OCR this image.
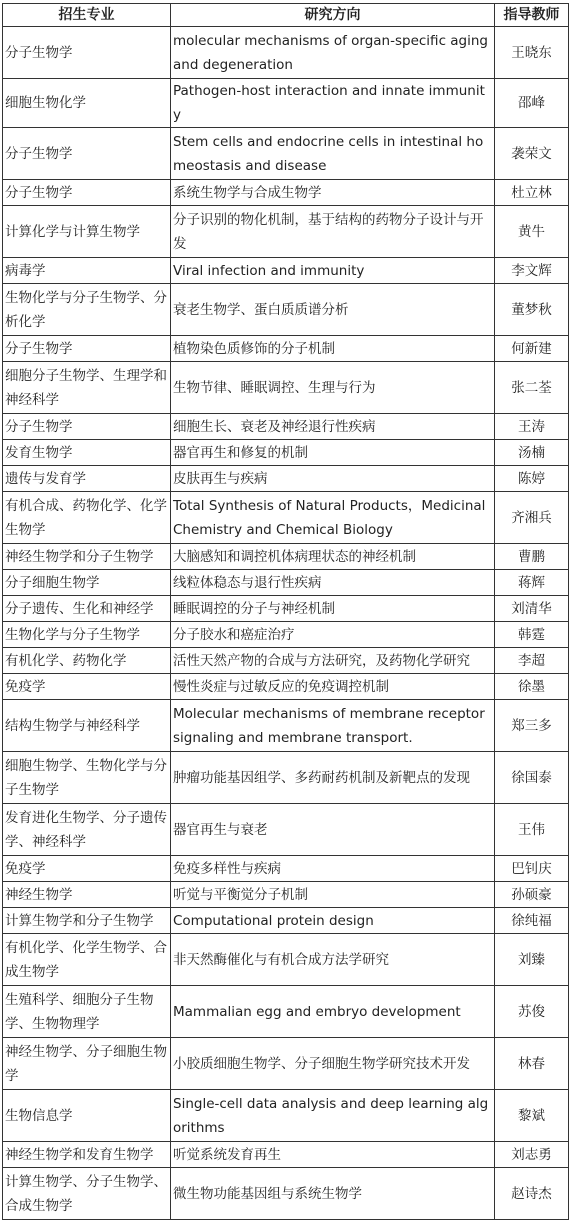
招生专业	研究方向	指导教师
分子生物学	molecular mechanisms of organ-specific aging and degeneration	王晓东
细胞生物化学	Pathogen-host interaction and innate immunity	邵峰
分子生物学	Stem cells and endocrine cells in intestinal homeostasis and disease	袭荣文
分子生物学	系统生物学与合成生物学	杜立林
计算化学与计算生物学	分子识别的物化机制，基于结构的药物分子设计与开发	黄牛
病毒学	Viral infection and immunity	李文辉
生物化学与分子生物学、分析化学	衰老生物学、蛋白质质谱分析	董梦秋
分子生物学	植物染色质修饰的分子机制	何新建
细胞分子生物学、生理学和神经科学	生物节律、睡眠调控、生理与行为	张二荃
分子生物学	细胞生长、衰老及神经退行性疾病	王涛
发育生物学	器官再生和修复的机制	汤楠
遗传与发育学	皮肤再生与疾病	陈婷
有机合成、药物化学、化学生物学	Total Synthesis of Natural Products，Medicinal Chemistry and Chemical Biology	齐湘兵
神经生物学和分子生物学	大脑感知和调控机体病理状态的神经机制	曹鹏
分子细胞生物学	线粒体稳态与退行性疾病	蒋辉
分子遗传、生化和神经学	睡眠调控的分子与神经机制	刘清华
生物化学与分子生物学	分子胶水和癌症治疗	韩霆
有机化学、药物化学	活性天然产物的合成与方法研究，及药物化学研究	李超
免疫学	慢性炎症与过敏反应的免疫调控机制	徐墨
结构生物学与神经科学	Molecular mechanisms of membrane receptor signaling and membrane transport.	郑三多
细胞生物学、生物化学与分子生物学	肿瘤功能基因组学、多药耐药机制及新靶点的发现	徐国泰
发育进化生物学、分子遗传学、神经科学	器官再生与衰老	王伟
免疫学	免疫多样性与疾病	巴钊庆
神经生物学	听觉与平衡觉分子机制	孙硕豪
计算生物学和分子生物学	Computational protein design	徐纯福
有机化学、化学生物学、合成生物学	非天然酶催化与有机合成方法学研究	刘臻
生殖科学、细胞分子生物学、生物物理学	Mammalian egg and embryo development	苏俊
神经生物学、分子细胞生物学	小胶质细胞生物学、分子细胞生物学研究技术开发	林春
生物信息学	Single-cell data analysis and deep learning algorithms	黎斌
神经生物学和发育生物学	听觉系统发育再生	刘志勇
计算生物学、分子生物学、合成生物学	微生物功能基因组与系统生物学	赵诗杰
